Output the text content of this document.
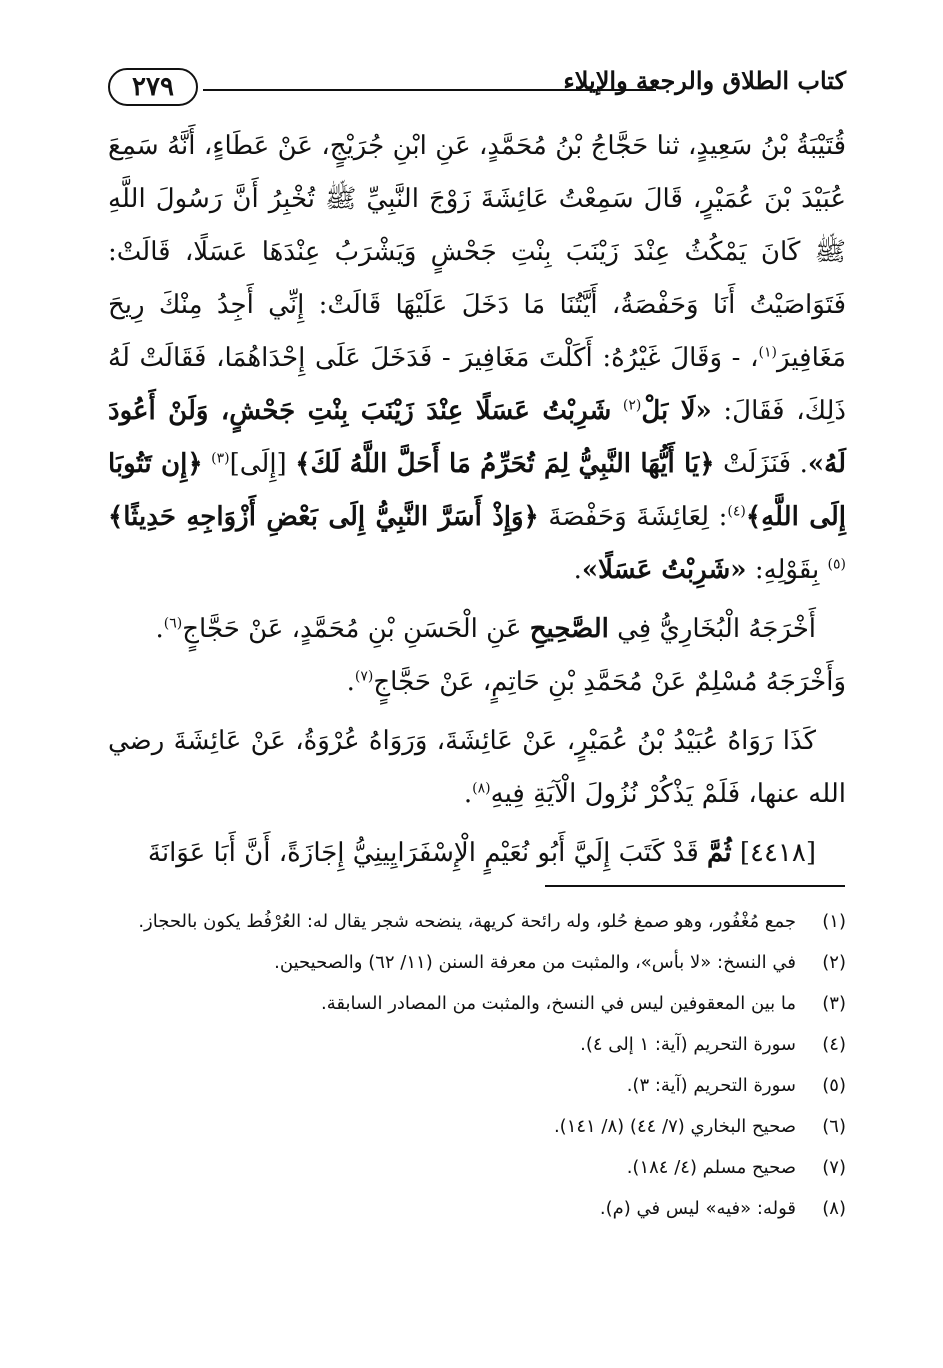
٢٧٩	كتاب الطلاق والرجعة والإيلاء

قُتَيْبَةُ بْنُ سَعِيدٍ، ثنا حَجَّاجُ بْنُ مُحَمَّدٍ، عَنِ ابْنِ جُرَيْجٍ، عَنْ عَطَاءٍ، أَنَّهُ سَمِعَ عُبَيْدَ بْنَ عُمَيْرٍ، قَالَ سَمِعْتُ عَائِشَةَ زَوْجَ النَّبِيِّ ﷺ تُخْبِرُ أَنَّ رَسُولَ اللَّهِ ﷺ كَانَ يَمْكُثُ عِنْدَ زَيْنَبَ بِنْتِ جَحْشٍ وَيَشْرَبُ عِنْدَهَا عَسَلًا، قَالَتْ: فَتَوَاصَيْتُ أَنَا وَحَفْصَةُ، أَيَّتُنَا مَا دَخَلَ عَلَيْهَا قَالَتْ: إِنِّي أَجِدُ مِنْكَ رِيحَ مَغَافِيرَ$^{(١)}$، - وَقَالَ غَيْرُهُ: أَكَلْتَ مَغَافِيرَ - فَدَخَلَ عَلَى إِحْدَاهُمَا، فَقَالَتْ لَهُ ذَلِكَ، فَقَالَ: «لَا بَلْ$^{(٢)}$ شَرِبْتُ عَسَلًا عِنْدَ زَيْنَبَ بِنْتِ جَحْشٍ، وَلَنْ أَعُودَ لَهُ». فَنَزَلَتْ ﴿يَا أَيُّهَا النَّبِيُّ لِمَ تُحَرِّمُ مَا أَحَلَّ اللَّهُ لَكَ﴾ [إِلَى]$^{(٣)}$ ﴿إِن تَتُوبَا إِلَى اللَّهِ﴾$^{(٤)}$: لِعَائِشَةَ وَحَفْصَةَ ﴿وَإِذْ أَسَرَّ النَّبِيُّ إِلَى بَعْضِ أَزْوَاجِهِ حَدِيثًا﴾$^{(٥)}$ بِقَوْلِهِ: «شَرِبْتُ عَسَلًا».

أَخْرَجَهُ الْبُخَارِيُّ فِي الصَّحِيحِ عَنِ الْحَسَنِ بْنِ مُحَمَّدٍ، عَنْ حَجَّاجٍ$^{(٦)}$.
وَأَخْرَجَهُ مُسْلِمٌ عَنْ مُحَمَّدِ بْنِ حَاتِمٍ، عَنْ حَجَّاجٍ$^{(٧)}$.

كَذَا رَوَاهُ عُبَيْدُ بْنُ عُمَيْرٍ، عَنْ عَائِشَةَ، وَرَوَاهُ عُرْوَةُ، عَنْ عَائِشَةَ رضي الله عنها، فَلَمْ يَذْكُرْ نُزُولَ الْآيَةِ فِيهِ$^{(٨)}$.

[٤٤١٨] ثُمَّ قَدْ كَتَبَ إِلَيَّ أَبُو نُعَيْمٍ الْإِسْفَرَايِينِيُّ إِجَازَةً، أَنَّ أَبَا عَوَانَةَ

(١)
جمع مُغْفُور، وهو صمغ حُلو، وله رائحة كريهة، ينضحه شجر يقال له: العُرْفُط يكون بالحجاز.
(٢)
في النسخ: «لا بأس»، والمثبت من معرفة السنن (١١/ ٦٢) والصحيحين.
(٣)
ما بين المعقوفين ليس في النسخ، والمثبت من المصادر السابقة.
(٤)
سورة التحريم (آية: ١ إلى ٤).
(٥)
سورة التحريم (آية: ٣).
(٦)
صحيح البخاري (٧/ ٤٤) (٨/ ١٤١).
(٧)
صحيح مسلم (٤/ ١٨٤).
(٨)
قوله: «فيه» ليس في (م).
